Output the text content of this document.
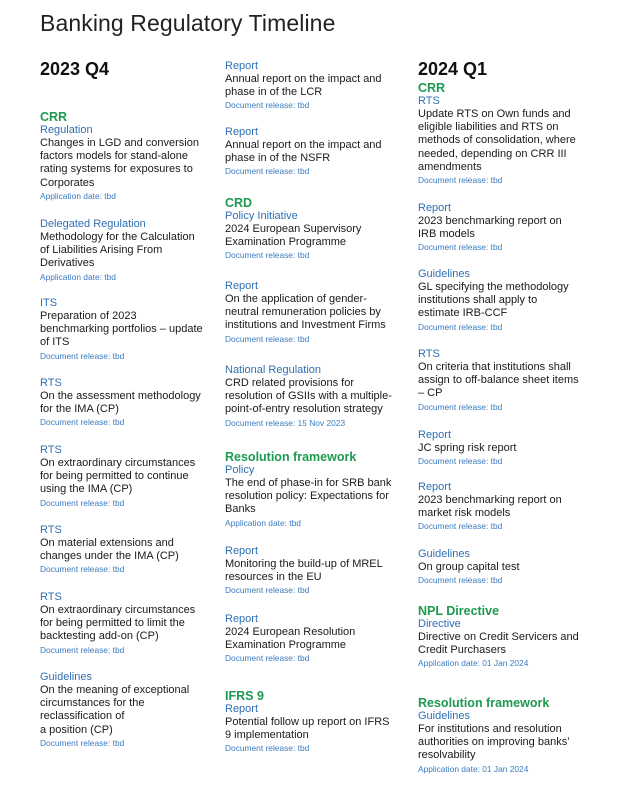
Banking Regulatory Timeline
2023 Q4
CRR
Regulation
Changes in LGD and conversion
factors models for stand-alone
rating systems for exposures to
Corporates
Application date: tbd
Delegated Regulation
Methodology for the Calculation
of Liabilities Arising From
Derivatives
Application date: tbd
ITS
Preparation of 2023
benchmarking portfolios – update
of ITS
Document release: tbd
RTS
On the assessment methodology
for the IMA (CP)
Document release: tbd
RTS
On extraordinary circumstances
for being permitted to continue
using the IMA (CP)
Document release: tbd
RTS
On material extensions and
changes under the IMA (CP)
Document release: tbd
RTS
On extraordinary circumstances
for being permitted to limit the
backtesting add-on (CP)
Document release: tbd
Guidelines
On the meaning of exceptional
circumstances for the
reclassification of
a position (CP)
Document release: tbd
Report
Annual report on the impact and
phase in of the LCR
Document release: tbd
Report
Annual report on the impact and
phase in of the NSFR
Document release: tbd
CRD
Policy Initiative
2024 European Supervisory
Examination Programme
Document release: tbd
Report
On the application of gender-
neutral remuneration policies by
institutions and Investment Firms
Document release: tbd
National Regulation
CRD related provisions for
resolution of GSIIs with a multiple-
point-of-entry resolution strategy
Document release: 15 Nov 2023
Resolution framework
Policy
The end of phase-in for SRB bank
resolution policy: Expectations for
Banks
Application date: tbd
Report
Monitoring the build-up of MREL
resources in the EU
Document release: tbd
Report
2024 European Resolution
Examination Programme
Document release: tbd
IFRS 9
Report
Potential follow up report on IFRS
9 implementation
Document release: tbd
2024 Q1
CRR
RTS
Update RTS on Own funds and
eligible liabilities and RTS on
methods of consolidation, where
needed, depending on CRR III
amendments
Document release: tbd
Report
2023 benchmarking report on
IRB models
Document release: tbd
Guidelines
GL specifying the methodology
institutions shall apply to
estimate IRB-CCF
Document release: tbd
RTS
On criteria that institutions shall
assign to off-balance sheet items
– CP
Document release: tbd
Report
JC spring risk report
Document release: tbd
Report
2023 benchmarking report on
market risk models
Document release: tbd
Guidelines
On group capital test
Document release: tbd
NPL Directive
Directive
Directive on Credit Servicers and
Credit Purchasers
Appilcation date: 01 Jan 2024
Resolution framework
Guidelines
For institutions and resolution
authorities on improving banks’
resolvability
Application date: 01 Jan 2024
